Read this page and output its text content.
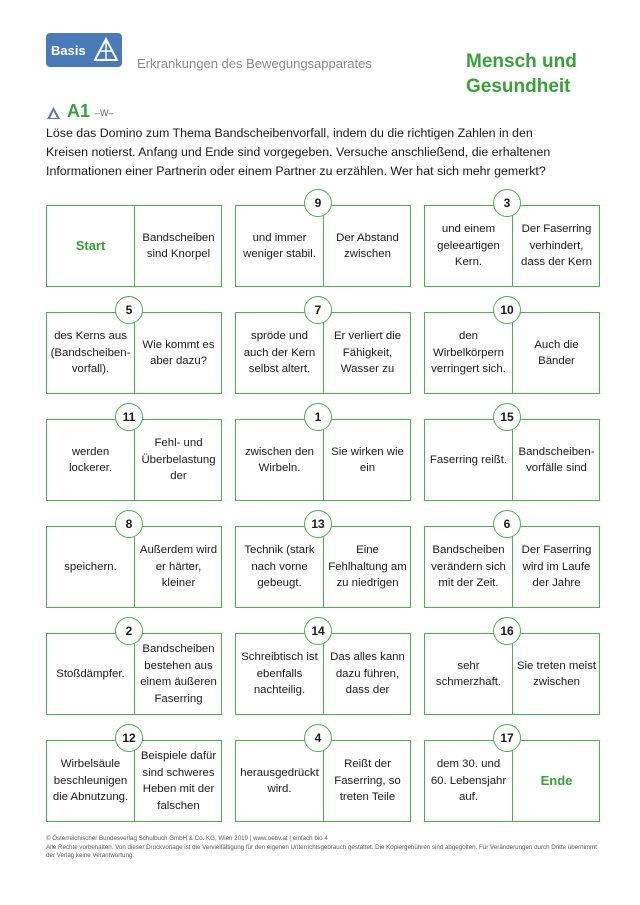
Basis
Erkrankungen des Bewegungsapparates	Mensch und Gesundheit
A1 –W–

Löse das Domino zum Thema Bandscheibenvorfall, indem du die richtigen Zahlen in den Kreisen notierst. Anfang und Ende sind vorgegeben. Versuche anschließend, die erhaltenen Informationen einer Partnerin oder einem Partner zu erzählen. Wer hat sich mehr gemerkt?

Start
Bandscheiben sind Knorpel
und immer weniger stabil.
Der Abstand zwischen
9
und einem geleeartigen Kern.
Der Faserring verhindert, dass der Kern
3
des Kerns aus (Bandscheiben-vorfall).
Wie kommt es aber dazu?
5
spröde und auch der Kern selbst altert.
Er verliert die Fähigkeit, Wasser zu
7
den Wirbelkörpern verringert sich.
Auch die Bänder
10
werden lockerer.
Fehl- und Überbelastung der
11
zwischen den Wirbeln.
Sie wirken wie ein
1
Faserring reißt.
Bandscheiben-vorfälle sind
15
speichern.
Außerdem wird er härter, kleiner
8
Technik (stark nach vorne gebeugt.
Eine Fehlhaltung am zu niedrigen
13
Bandscheiben verändern sich mit der Zeit.
Der Faserring wird im Laufe der Jahre
6
Stoßdämpfer.
Bandscheiben bestehen aus einem äußeren Faserring
2
Schreibtisch ist ebenfalls nachteilig.
Das alles kann dazu führen, dass der
14
sehr schmerzhaft.
Sie treten meist zwischen
16
Wirbelsäule beschleunigen die Abnutzung.
Beispiele dafür sind schweres Heben mit der falschen
12
herausgedrückt wird.
Reißt der Faserring, so treten Teile
4
dem 30. und 60. Lebensjahr auf.
Ende
17
© Österreichischer Bundesverlag Schulbuch GmbH & Co. KG, Wien 2019 | www.oebv.at | einfach bio 4
Alle Rechte vorbehalten. Von dieser Druckvorlage ist die Vervielfältigung für den eigenen Unterrichtsgebrauch gestattet. Die Kopiergebühren sind abgegolten. Für Veränderungen durch Dritte übernimmt der Verlag keine Verantwortung.
